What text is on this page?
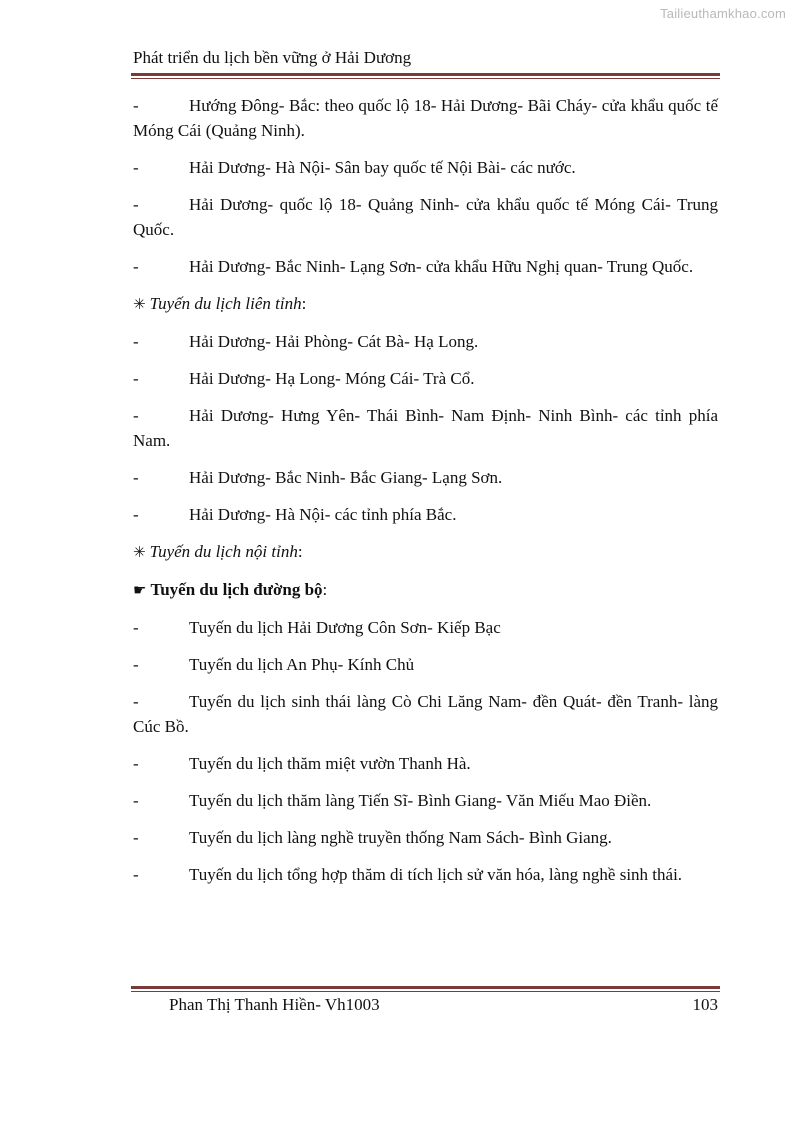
Tailieuthamkhao.com
Phát triển du lịch bền vững ở Hải Dương
-	Hướng Đông- Bắc: theo quốc lộ 18- Hải Dương- Bãi Cháy- cửa khẩu quốc tế Móng Cái (Quảng Ninh).
-	Hải Dương- Hà Nội- Sân bay quốc tế Nội Bài- các nước.
-	Hải Dương- quốc lộ 18- Quảng Ninh- cửa khẩu quốc tế Móng Cái- Trung Quốc.
-	Hải Dương- Bắc Ninh- Lạng Sơn- cửa khẩu Hữu Nghị quan- Trung Quốc.
✳ Tuyến du lịch liên tỉnh:
-	Hải Dương- Hải Phòng- Cát Bà- Hạ Long.
-	Hải Dương- Hạ Long- Móng Cái- Trà Cổ.
-	Hải Dương- Hưng Yên- Thái Bình- Nam Định- Ninh Bình- các tỉnh phía Nam.
-	Hải Dương- Bắc Ninh- Bắc Giang- Lạng Sơn.
-	Hải Dương- Hà Nội- các tỉnh phía Bắc.
✳ Tuyến du lịch nội tỉnh:
☛ Tuyến du lịch đường bộ:
-	Tuyến du lịch Hải Dương Côn Sơn- Kiếp Bạc
-	Tuyến du lịch An Phụ- Kính Chủ
-	Tuyến du lịch sinh thái làng Cò Chi Lăng Nam- đền Quát- đền Tranh- làng Cúc Bồ.
-	Tuyến du lịch thăm miệt vườn Thanh Hà.
-	Tuyến du lịch thăm làng Tiến Sĩ- Bình Giang- Văn Miếu Mao Điền.
-	Tuyến du lịch làng nghề truyền thống Nam Sách- Bình Giang.
-	Tuyến du lịch tổng hợp thăm di tích lịch sử văn hóa, làng nghề sinh thái.
Phan Thị Thanh Hiền- Vh1003	103
